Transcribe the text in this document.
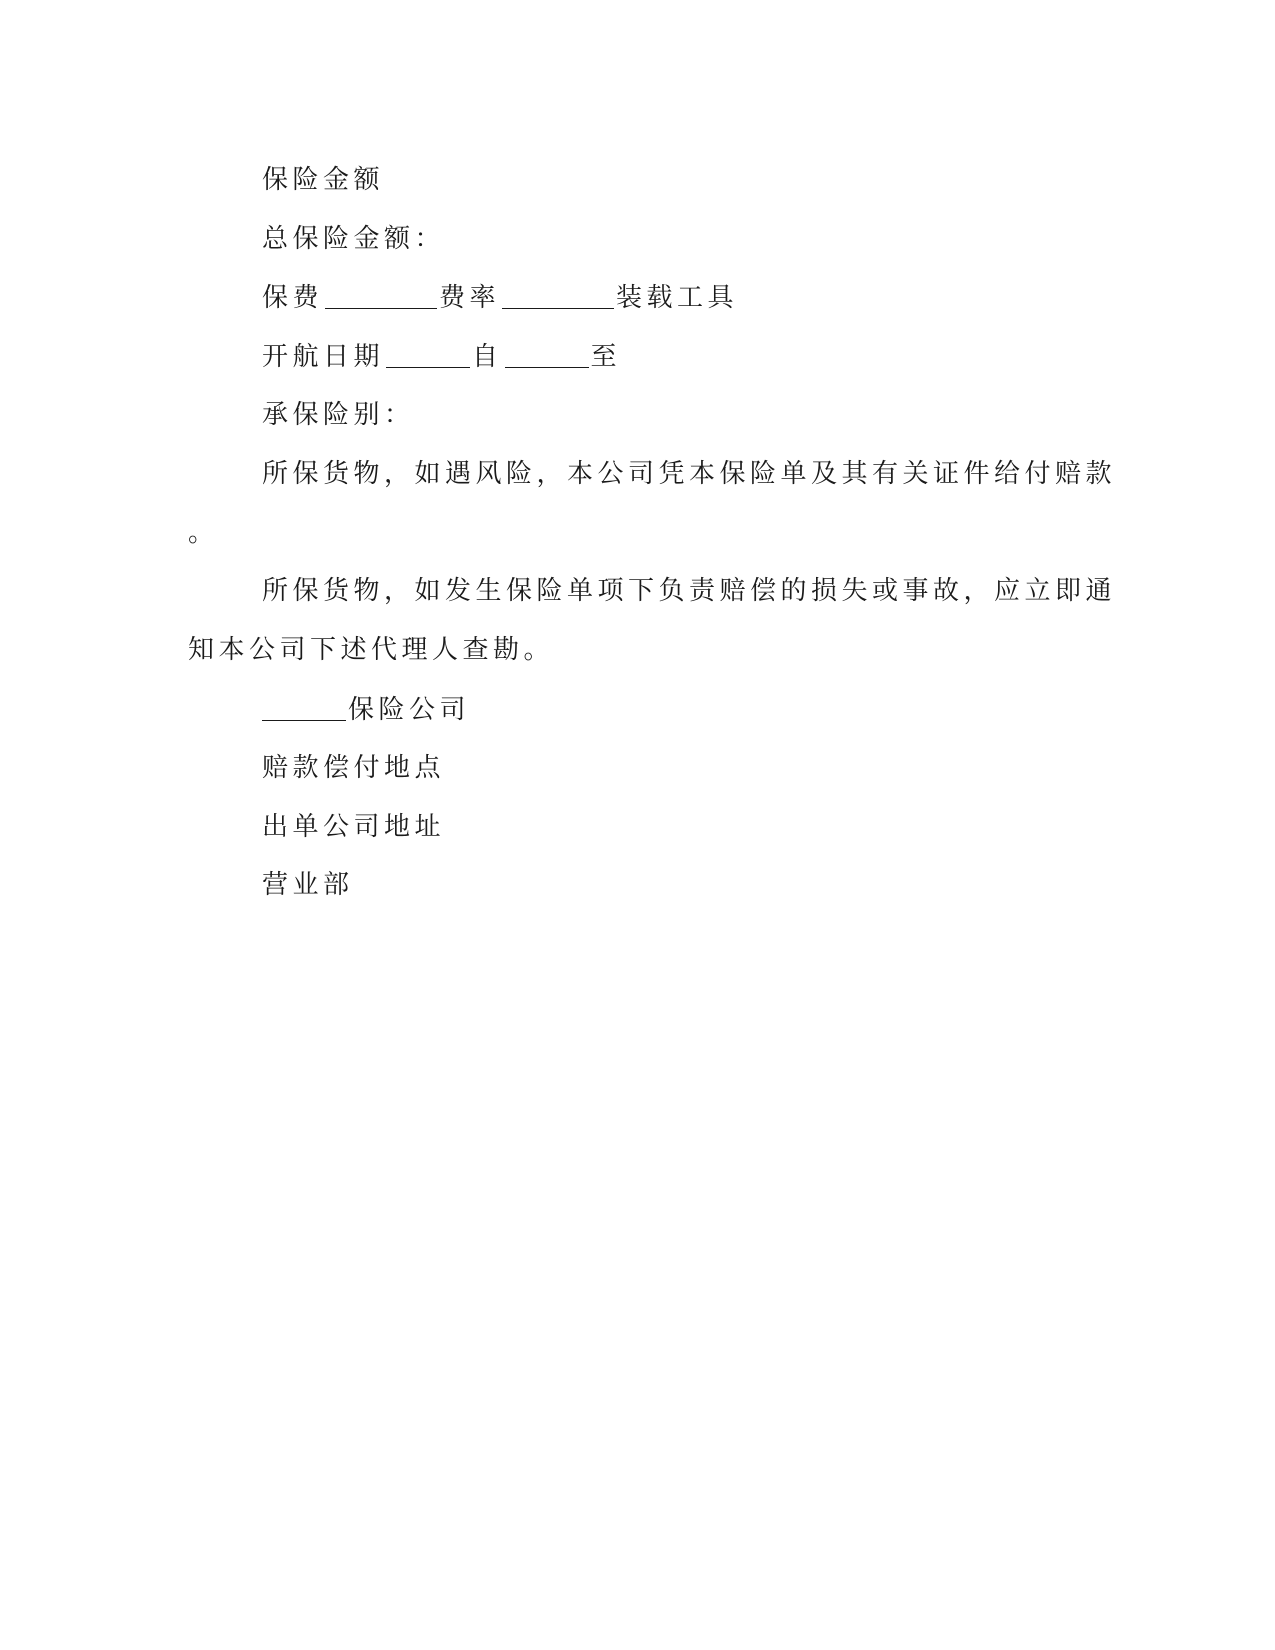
保险金额
总保险金额：
保费	费率	装载工具
开航日期	自	至
承保险别：
所保货物，如遇风险，本公司凭本保险单及其有关证件给付赔款
。
所保货物，如发生保险单项下负责赔偿的损失或事故，应立即通
知本公司下述代理人查勘。
保险公司
赔款偿付地点
出单公司地址
营业部
